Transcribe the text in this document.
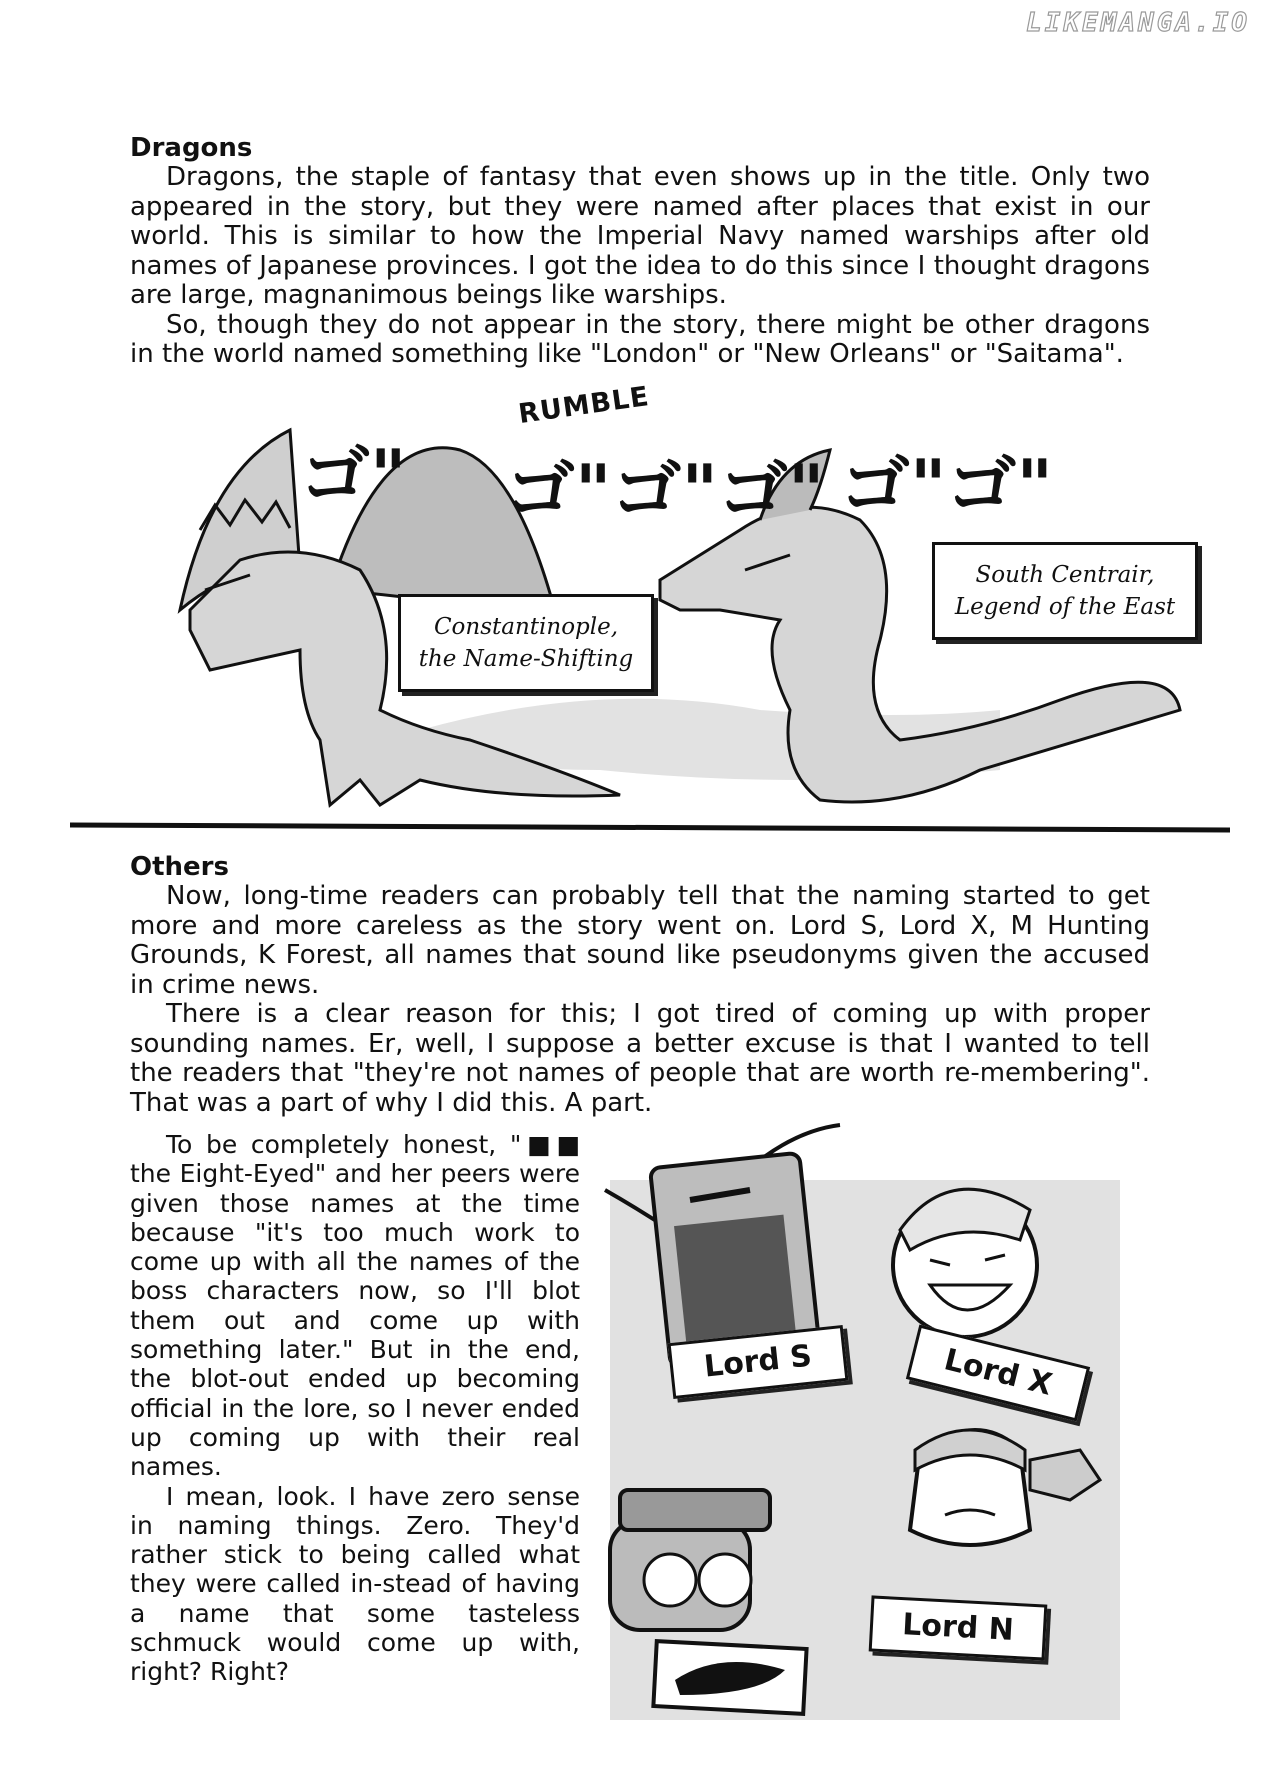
LIKEMANGA.IO
Dragons
Dragons, the staple of fantasy that even shows up in the title. Only two appeared in the story, but they were named after places that exist in our world. This is similar to how the Imperial Navy named warships after old names of Japanese provinces. I got the idea to do this since I thought dragons are large, magnanimous beings like warships.
So, though they do not appear in the story, there might be other dragons in the world named something like "London" or "New Orleans" or "Saitama".
RUMBLE
ゴ" ゴ"ゴ"ゴ" ゴ"ゴ"
Constantinople,
the Name-Shifting
South Centrair,
Legend of the East
Others
Now, long-time readers can probably tell that the naming started to get more and more careless as the story went on. Lord S, Lord X, M Hunting Grounds, K Forest, all names that sound like pseudonyms given the accused in crime news.
There is a clear reason for this; I got tired of coming up with proper sounding names. Er, well, I suppose a better excuse is that I wanted to tell the readers that "they're not names of people that are worth re-membering". That was a part of why I did this. A part.
To be completely honest, "■■ the Eight-Eyed" and her peers were given those names at the time because "it's too much work to come up with all the names of the boss characters now, so I'll blot them out and come up with something later." But in the end, the blot-out ended up becoming official in the lore, so I never ended up coming up with their real names.
I mean, look. I have zero sense in naming things. Zero. They'd rather stick to being called what they were called in-stead of having a name that some tasteless schmuck would come up with, right? Right?
Lord S	Lord X
Lord N
